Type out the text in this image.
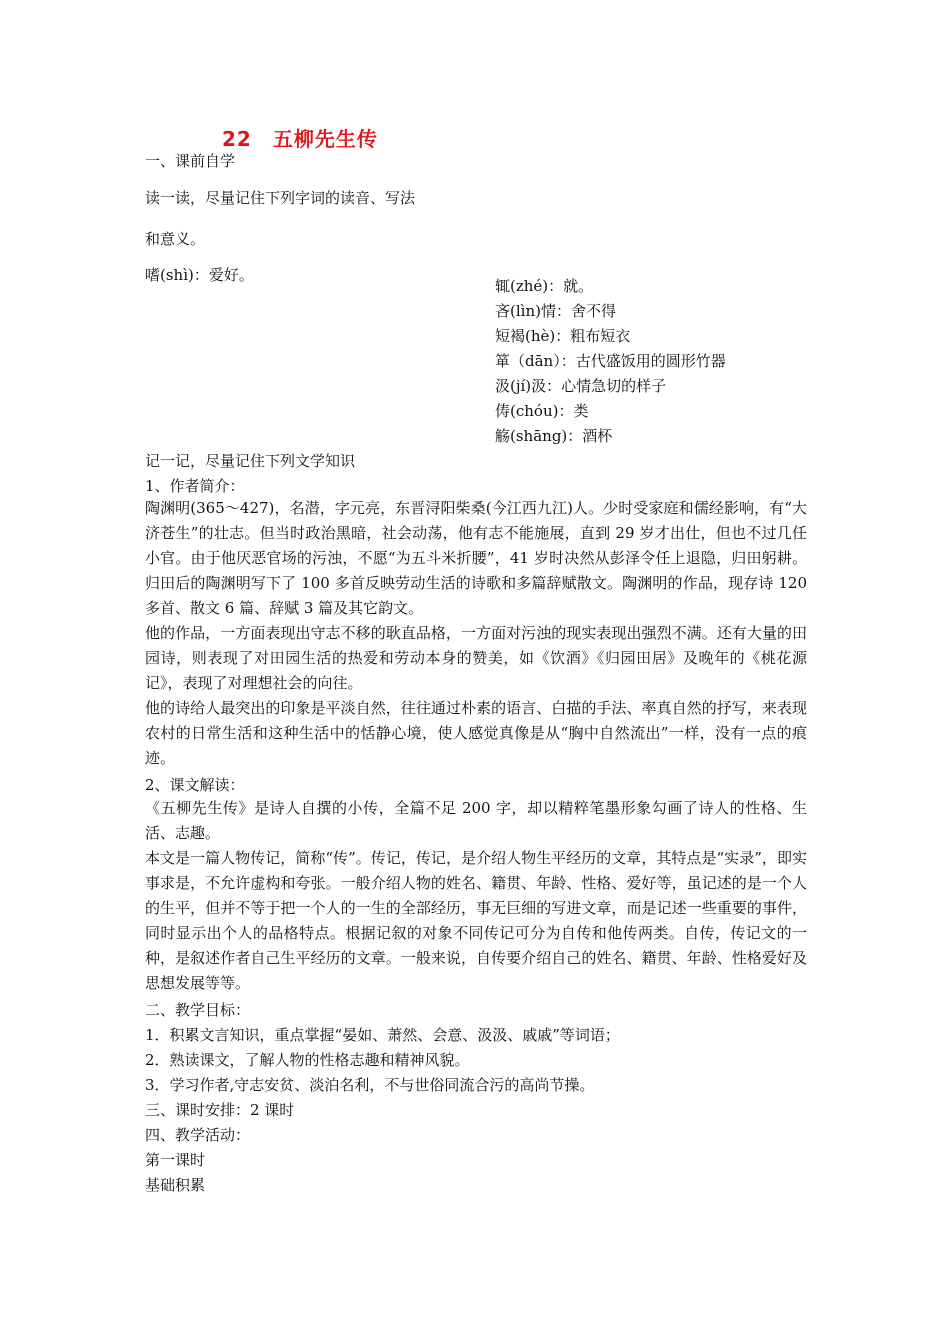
22　五柳先生传
一、课前自学
读一读，尽量记住下列字词的读音、写法
和意义。
嗜(shì)：爱好。
辄(zhé)：就。
吝(lìn)情：舍不得
短褐(hè)：粗布短衣
箪（dān）：古代盛饭用的圆形竹器
汲(jí)汲：心情急切的样子
俦(chóu)：类
觞(shāng)：酒杯
记一记，尽量记住下列文学知识
1、作者简介：
陶渊明(365～427)，名潜，字元亮，东晋浔阳柴桑(今江西九江)人。少时受家庭和儒经影响，有“大济苍生”的壮志。但当时政治黑暗，社会动荡，他有志不能施展，直到 29 岁才出仕，但也不过几任小官。由于他厌恶官场的污浊，不愿“为五斗米折腰”，41 岁时决然从彭泽令任上退隐，归田躬耕。归田后的陶渊明写下了 100 多首反映劳动生活的诗歌和多篇辞赋散文。陶渊明的作品，现存诗 120 多首、散文 6 篇、辞赋 3 篇及其它韵文。
他的作品，一方面表现出守志不移的耿直品格，一方面对污浊的现实表现出强烈不满。还有大量的田园诗，则表现了对田园生活的热爱和劳动本身的赞美，如《饮酒》《归园田居》及晚年的《桃花源记》，表现了对理想社会的向往。
他的诗给人最突出的印象是平淡自然，往往通过朴素的语言、白描的手法、率真自然的抒写，来表现农村的日常生活和这种生活中的恬静心境，使人感觉真像是从“胸中自然流出”一样，没有一点的痕迹。
2、课文解读：
《五柳先生传》是诗人自撰的小传，全篇不足 200 字，却以精粹笔墨形象勾画了诗人的性格、生活、志趣。
本文是一篇人物传记，简称“传”。传记，传记，是介绍人物生平经历的文章，其特点是“实录”，即实事求是，不允许虚构和夸张。一般介绍人物的姓名、籍贯、年龄、性格、爱好等，虽记述的是一个人的生平，但并不等于把一个人的一生的全部经历，事无巨细的写进文章，而是记述一些重要的事件，同时显示出个人的品格特点。根据记叙的对象不同传记可分为自传和他传两类。自传，传记文的一种，是叙述作者自己生平经历的文章。一般来说，自传要介绍自己的姓名、籍贯、年龄、性格爱好及思想发展等等。
二、教学目标：
1．积累文言知识，重点掌握“晏如、萧然、会意、汲汲、戚戚”等词语；
2．熟读课文，了解人物的性格志趣和精神风貌。
3．学习作者,守志安贫、淡泊名利，不与世俗同流合污的高尚节操。
三、课时安排：2 课时
四、教学活动：
第一课时
基础积累
